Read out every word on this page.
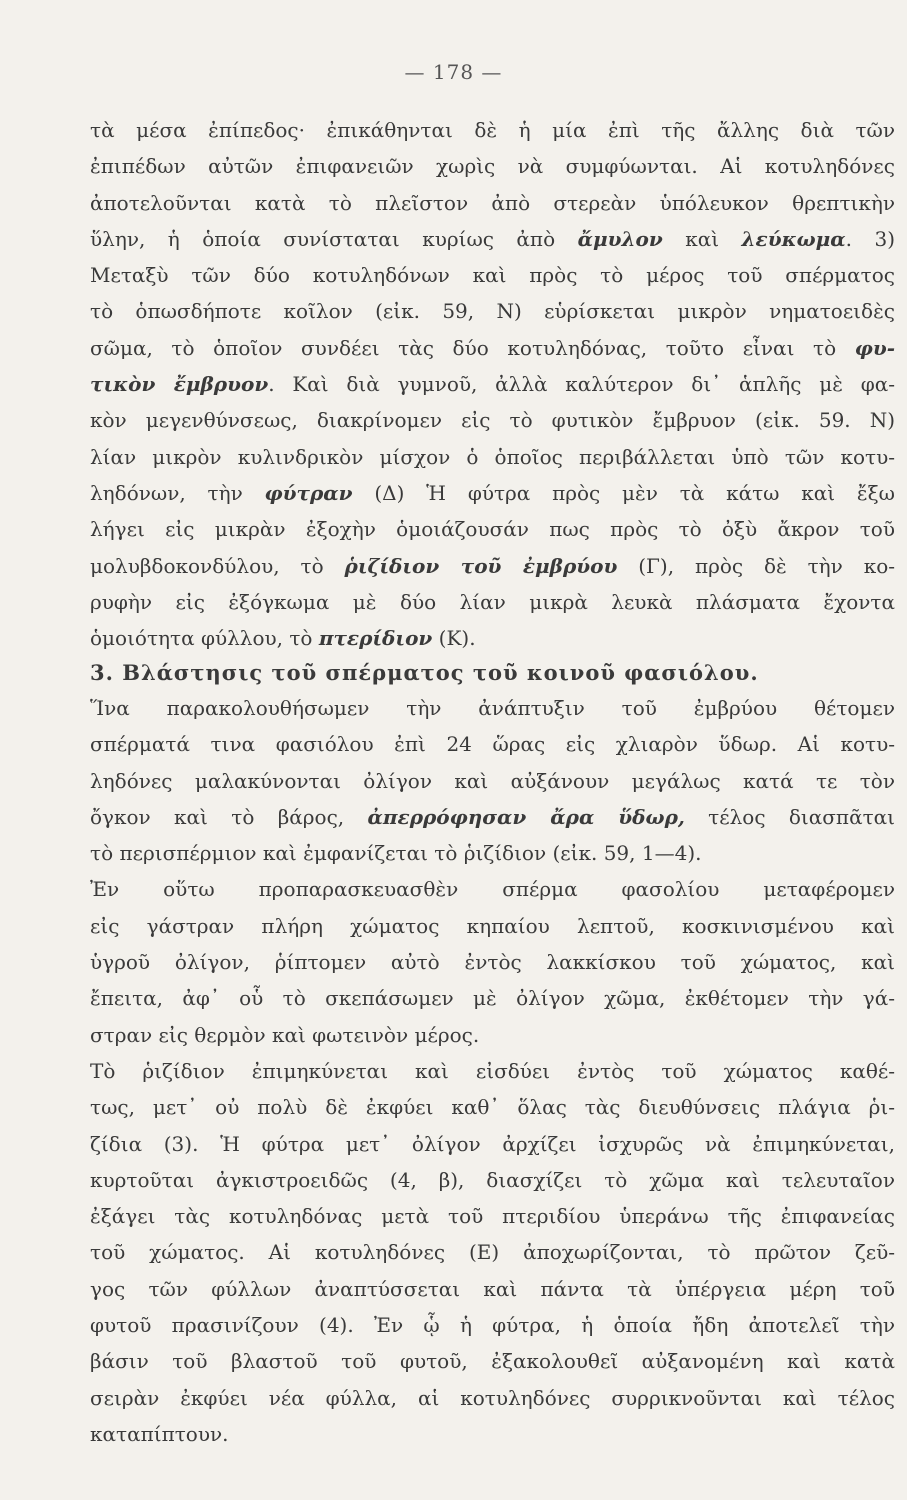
— 178 —
τὰ μέσα ἐπίπεδος· ἐπικάθηνται δὲ ἡ μία ἐπὶ τῆς ἄλλης διὰ τῶν
ἐπιπέδων αὐτῶν ἐπιφανειῶν χωρὶς νὰ συμφύωνται. Αἱ κοτυληδόνες
ἀποτελοῦνται κατὰ τὸ πλεῖστον ἀπὸ στερεὰν ὑπόλευκον θρεπτικὴν
ὕλην, ἡ ὁποία συνίσταται κυρίως ἀπὸ ἄμυλον καὶ λεύκωμα. 3)
Μεταξὺ τῶν δύο κοτυληδόνων καὶ πρὸς τὸ μέρος τοῦ σπέρματος
τὸ ὁπωσδήποτε κοῖλον (εἰκ. 59, Ν) εὑρίσκεται μικρὸν νηματοειδὲς
σῶμα, τὸ ὁποῖον συνδέει τὰς δύο κοτυληδόνας, τοῦτο εἶναι τὸ φυ-
τικὸν ἔμβρυον. Καὶ διὰ γυμνοῦ, ἀλλὰ καλύτερον δι᾽ ἁπλῆς μὲ φα-
κὸν μεγενθύνσεως, διακρίνομεν εἰς τὸ φυτικὸν ἔμβρυον (εἰκ. 59. Ν)
λίαν μικρὸν κυλινδρικὸν μίσχον ὁ ὁποῖος περιβάλλεται ὑπὸ τῶν κοτυ-
ληδόνων, τὴν φύτραν (Δ) Ἡ φύτρα πρὸς μὲν τὰ κάτω καὶ ἔξω
λήγει εἰς μικρὰν ἐξοχὴν ὁμοιάζουσάν πως πρὸς τὸ ὀξὺ ἄκρον τοῦ
μολυβδοκονδύλου, τὸ ῥιζίδιον τοῦ ἐμβρύου (Γ), πρὸς δὲ τὴν κο-
ρυφὴν εἰς ἐξόγκωμα μὲ δύο λίαν μικρὰ λευκὰ πλάσματα ἔχοντα
ὁμοιότητα φύλλου, τὸ πτερίδιον (Κ).
3. Βλάστησις τοῦ σπέρματος τοῦ κοινοῦ φασιόλου.
Ἵνα παρακολουθήσωμεν τὴν ἀνάπτυξιν τοῦ ἐμβρύου θέτομεν
σπέρματά τινα φασιόλου ἐπὶ 24 ὥρας εἰς χλιαρὸν ὕδωρ. Αἱ κοτυ-
ληδόνες μαλακύνονται ὀλίγον καὶ αὐξάνουν μεγάλως κατά τε τὸν
ὄγκον καὶ τὸ βάρος, ἀπερρόφησαν ἄρα ὕδωρ, τέλος διασπᾶται
τὸ περισπέρμιον καὶ ἐμφανίζεται τὸ ῥιζίδιον (εἰκ. 59, 1—4).
Ἐν οὕτω προπαρασκευασθὲν σπέρμα φασολίου μεταφέρομεν
εἰς γάστραν πλήρη χώματος κηπαίου λεπτοῦ, κοσκινισμένου καὶ
ὑγροῦ ὀλίγον, ῥίπτομεν αὐτὸ ἐντὸς λακκίσκου τοῦ χώματος, καὶ
ἔπειτα, ἀφ᾽ οὗ τὸ σκεπάσωμεν μὲ ὀλίγον χῶμα, ἐκθέτομεν τὴν γά-
στραν εἰς θερμὸν καὶ φωτεινὸν μέρος.
Τὸ ῥιζίδιον ἐπιμηκύνεται καὶ εἰσδύει ἐντὸς τοῦ χώματος καθέ-
τως, μετ᾽ οὐ πολὺ δὲ ἐκφύει καθ᾽ ὅλας τὰς διευθύνσεις πλάγια ῥι-
ζίδια (3). Ἡ φύτρα μετ᾽ ὀλίγον ἀρχίζει ἰσχυρῶς νὰ ἐπιμηκύνεται,
κυρτοῦται ἀγκιστροειδῶς (4, β), διασχίζει τὸ χῶμα καὶ τελευταῖον
ἐξάγει τὰς κοτυληδόνας μετὰ τοῦ πτεριδίου ὑπεράνω τῆς ἐπιφανείας
τοῦ χώματος. Αἱ κοτυληδόνες (Ε) ἀποχωρίζονται, τὸ πρῶτον ζεῦ-
γος τῶν φύλλων ἀναπτύσσεται καὶ πάντα τὰ ὑπέργεια μέρη τοῦ
φυτοῦ πρασινίζουν (4). Ἐν ᾧ ἡ φύτρα, ἡ ὁποία ἤδη ἀποτελεῖ τὴν
βάσιν τοῦ βλαστοῦ τοῦ φυτοῦ, ἐξακολουθεῖ αὐξανομένη καὶ κατὰ
σειρὰν ἐκφύει νέα φύλλα, αἱ κοτυληδόνες συρρικνοῦνται καὶ τέλος
καταπίπτουν.
